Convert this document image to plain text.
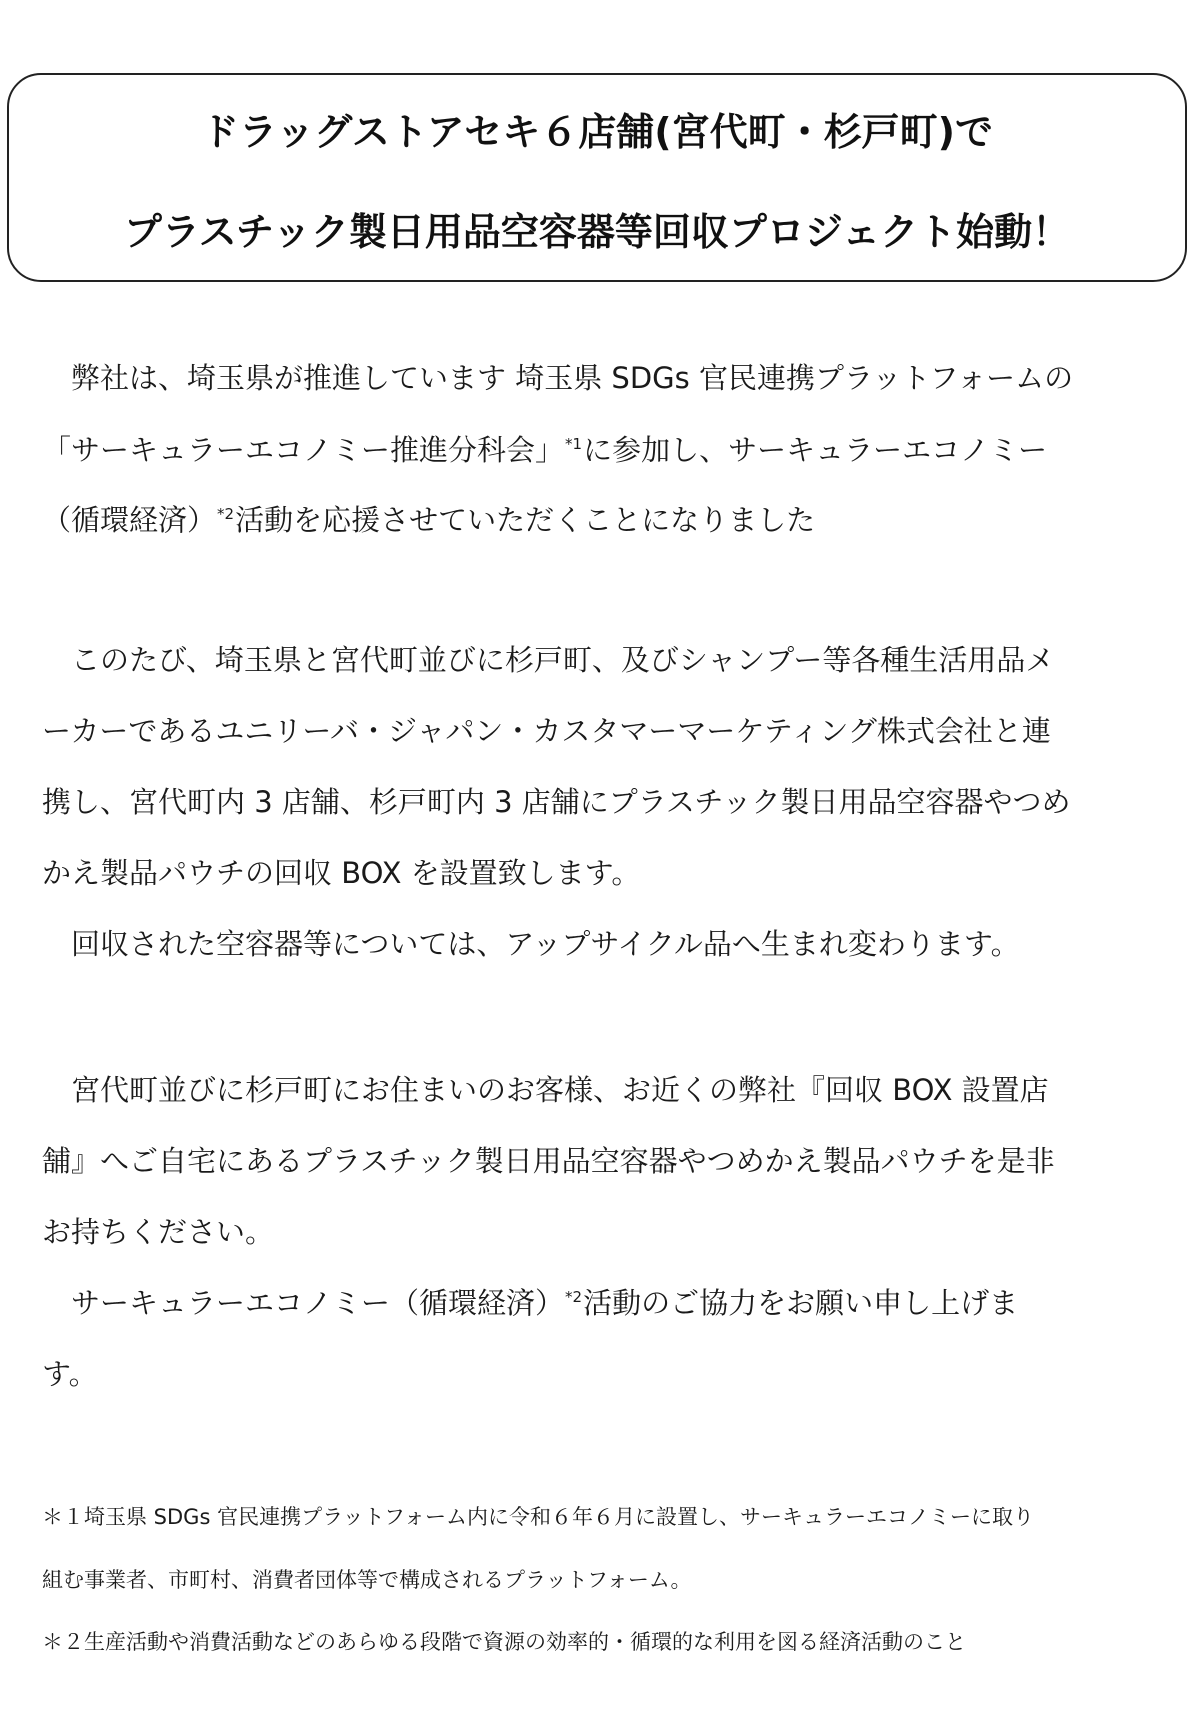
ドラッグストアセキ６店舗(宮代町・杉戸町)で
プラスチック製日用品空容器等回収プロジェクト始動！
　弊社は、埼玉県が推進しています 埼玉県 SDGs 官民連携プラットフォームの
「サーキュラーエコノミー推進分科会」$^{*1}$に参加し、サーキュラーエコノミー
（循環経済）$^{*2}$活動を応援させていただくことになりました
　このたび、埼玉県と宮代町並びに杉戸町、及びシャンプー等各種生活用品メ
ーカーであるユニリーバ・ジャパン・カスタマーマーケティング株式会社と連
携し、宮代町内 3 店舗、杉戸町内 3 店舗にプラスチック製日用品空容器やつめ
かえ製品パウチの回収 BOX を設置致します。
　回収された空容器等については、アップサイクル品へ生まれ変わります。
　宮代町並びに杉戸町にお住まいのお客様、お近くの弊社『回収 BOX 設置店
舗』へご自宅にあるプラスチック製日用品空容器やつめかえ製品パウチを是非
お持ちください。
　サーキュラーエコノミー（循環経済）$^{*2}$活動のご協力をお願い申し上げま
す。
＊１埼玉県 SDGs 官民連携プラットフォーム内に令和６年６月に設置し、サーキュラーエコノミーに取り
組む事業者、市町村、消費者団体等で構成されるプラットフォーム。
＊２生産活動や消費活動などのあらゆる段階で資源の効率的・循環的な利用を図る経済活動のこと
